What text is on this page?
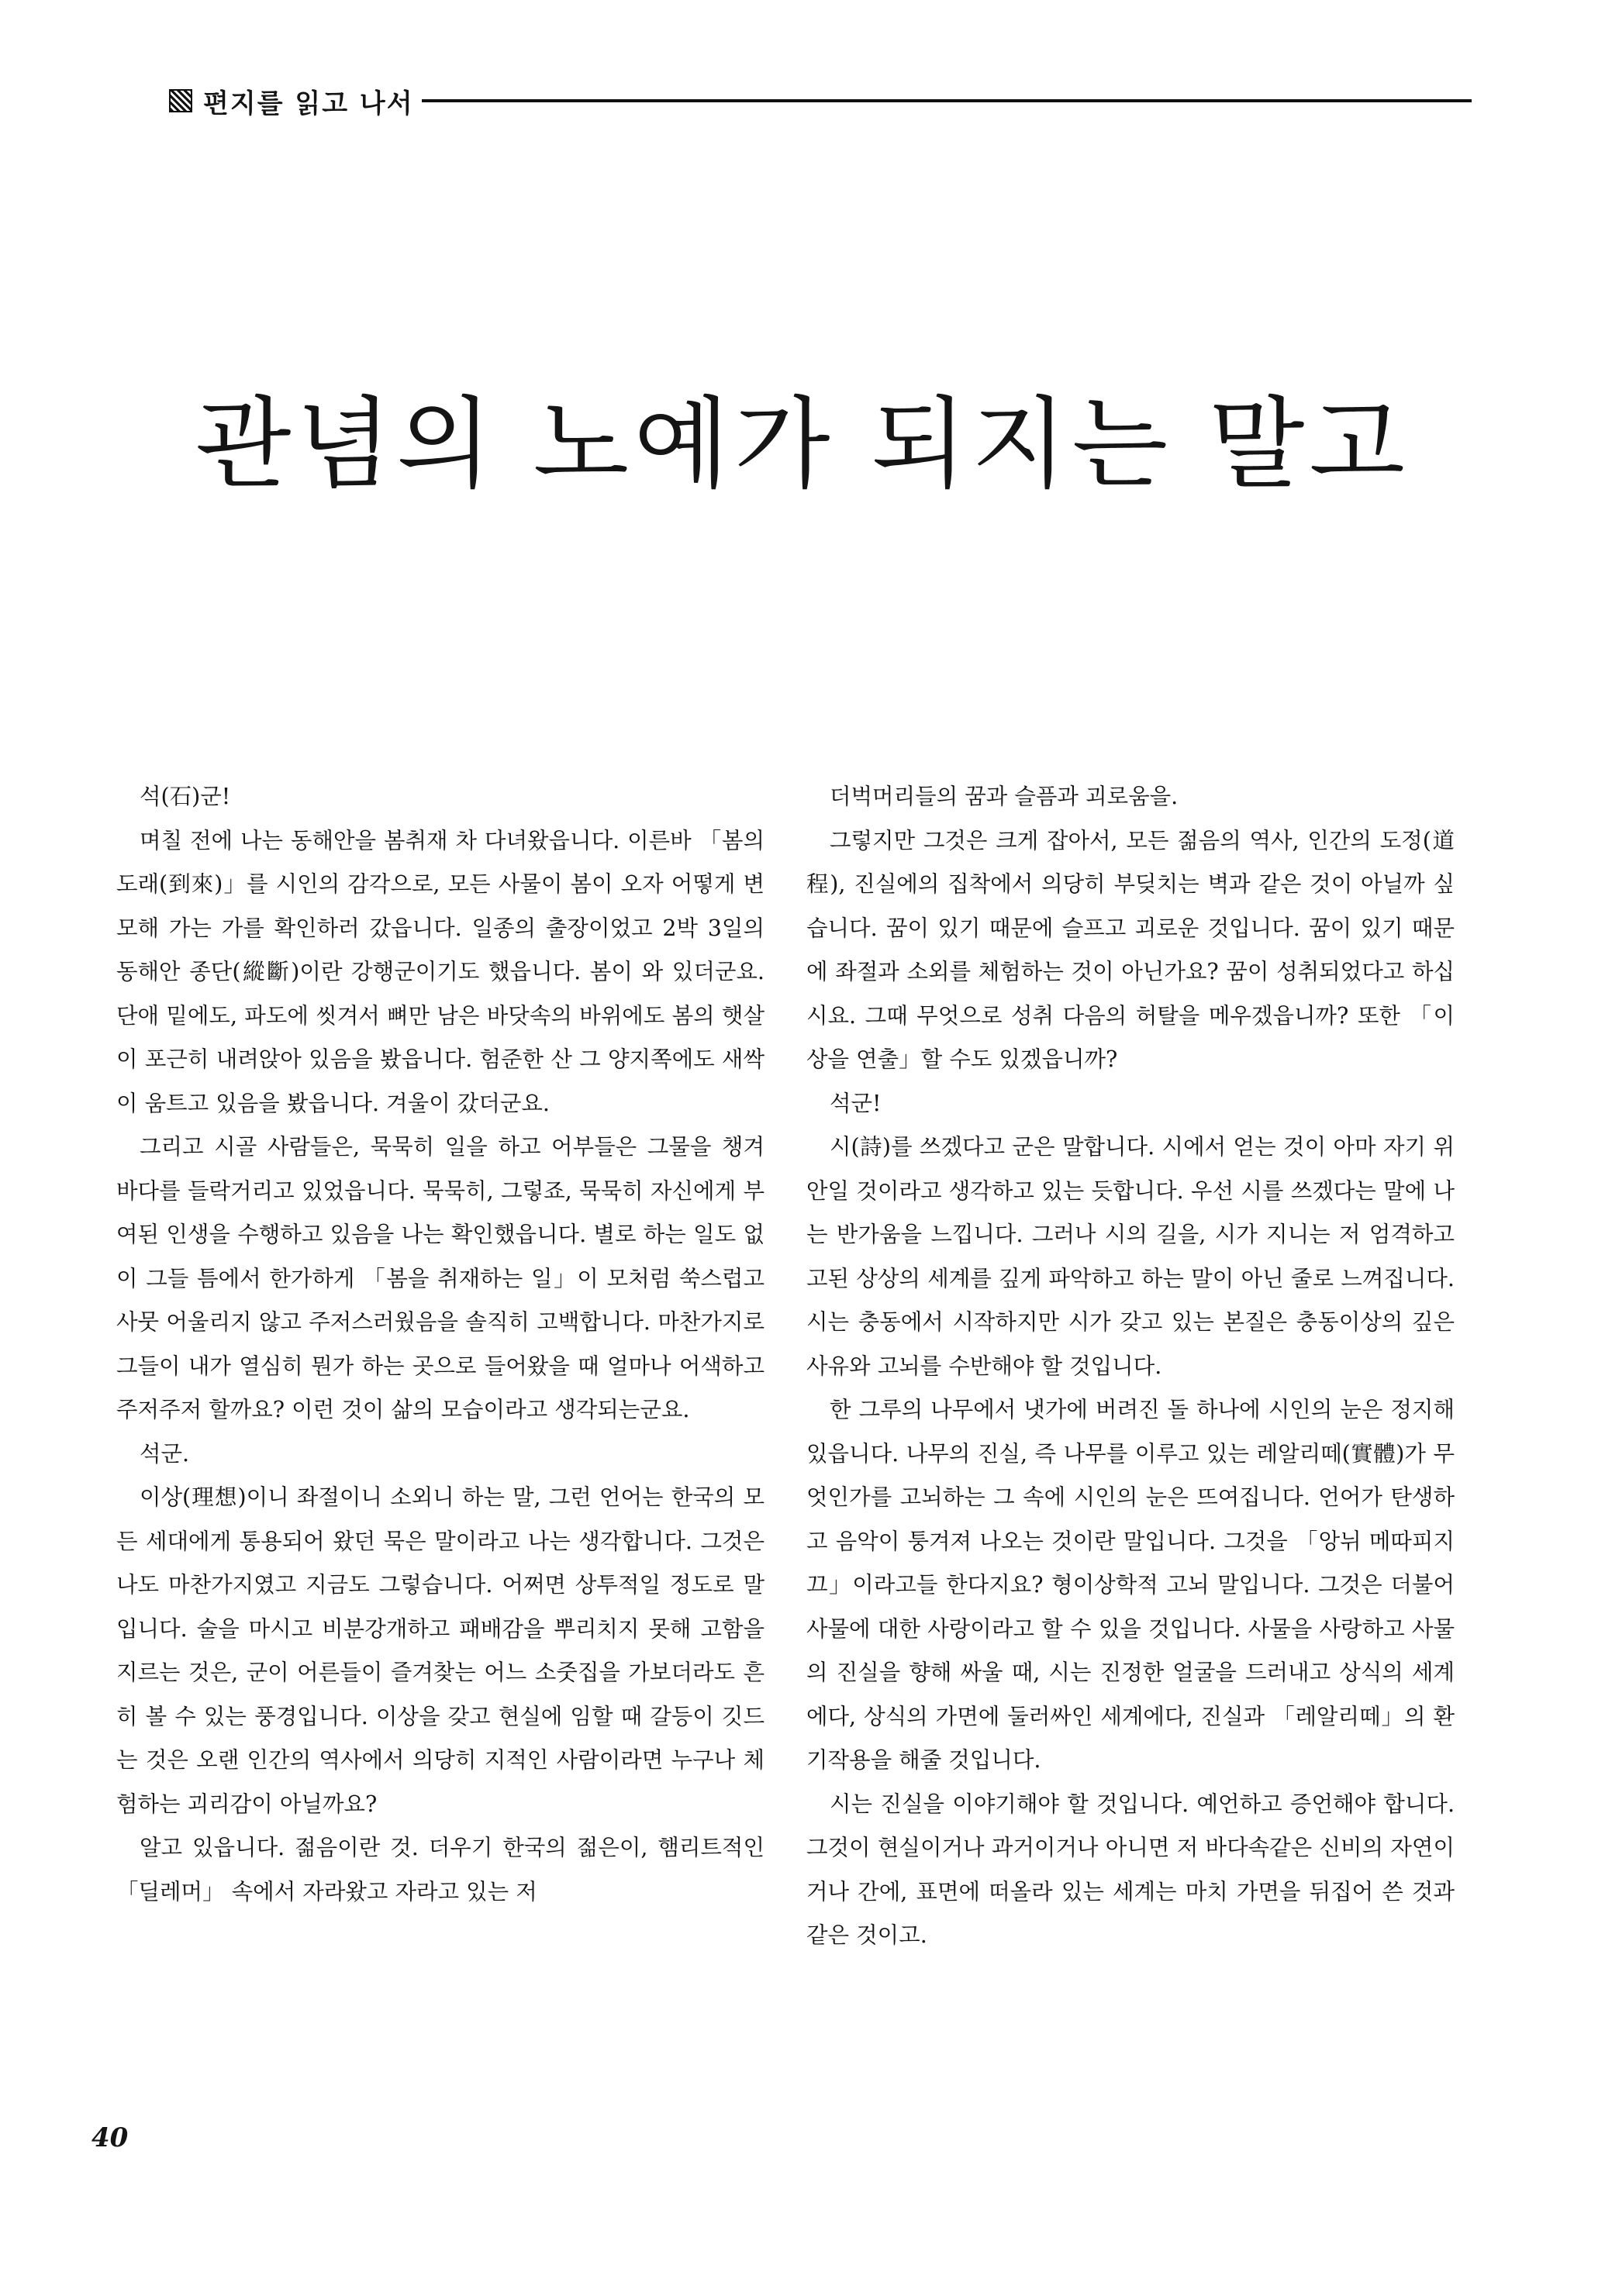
편지를 읽고 나서
관념의 노예가 되지는 말고

석(石)군!

며칠 전에 나는 동해안을 봄취재 차 다녀왔읍니다. 이른바 「봄의 도래(到來)」를 시인의 감각으로, 모든 사물이 봄이 오자 어떻게 변모해 가는 가를 확인하러 갔읍니다. 일종의 출장이었고 2박 3일의 동해안 종단(縱斷)이란 강행군이기도 했읍니다. 봄이 와 있더군요. 단애 밑에도, 파도에 씻겨서 뼈만 남은 바닷속의 바위에도 봄의 햇살이 포근히 내려앉아 있음을 봤읍니다. 험준한 산 그 양지쪽에도 새싹이 움트고 있음을 봤읍니다. 겨울이 갔더군요.

그리고 시골 사람들은, 묵묵히 일을 하고 어부들은 그물을 챙겨 바다를 들락거리고 있었읍니다. 묵묵히, 그렇죠, 묵묵히 자신에게 부여된 인생을 수행하고 있음을 나는 확인했읍니다. 별로 하는 일도 없이 그들 틈에서 한가하게 「봄을 취재하는 일」이 모처럼 쑥스럽고 사뭇 어울리지 않고 주저스러웠음을 솔직히 고백합니다. 마찬가지로 그들이 내가 열심히 뭔가 하는 곳으로 들어왔을 때 얼마나 어색하고 주저주저 할까요? 이런 것이 삶의 모습이라고 생각되는군요.

석군.

이상(理想)이니 좌절이니 소외니 하는 말, 그런 언어는 한국의 모든 세대에게 통용되어 왔던 묵은 말이라고 나는 생각합니다. 그것은 나도 마찬가지였고 지금도 그렇습니다. 어쩌면 상투적일 정도로 말입니다. 술을 마시고 비분강개하고 패배감을 뿌리치지 못해 고함을 지르는 것은, 군이 어른들이 즐겨찾는 어느 소줏집을 가보더라도 흔히 볼 수 있는 풍경입니다. 이상을 갖고 현실에 임할 때 갈등이 깃드는 것은 오랜 인간의 역사에서 의당히 지적인 사람이라면 누구나 체험하는 괴리감이 아닐까요?

알고 있읍니다. 젊음이란 것. 더우기 한국의 젊은이, 햄리트적인 「딜레머」 속에서 자라왔고 자라고 있는 저

더벅머리들의 꿈과 슬픔과 괴로움을.

그렇지만 그것은 크게 잡아서, 모든 젊음의 역사, 인간의 도정(道程), 진실에의 집착에서 의당히 부딪치는 벽과 같은 것이 아닐까 싶습니다. 꿈이 있기 때문에 슬프고 괴로운 것입니다. 꿈이 있기 때문에 좌절과 소외를 체험하는 것이 아닌가요? 꿈이 성취되었다고 하십시요. 그때 무엇으로 성취 다음의 허탈을 메우겠읍니까? 또한 「이상을 연출」할 수도 있겠읍니까?

석군!

시(詩)를 쓰겠다고 군은 말합니다. 시에서 얻는 것이 아마 자기 위안일 것이라고 생각하고 있는 듯합니다. 우선 시를 쓰겠다는 말에 나는 반가움을 느낍니다. 그러나 시의 길을, 시가 지니는 저 엄격하고 고된 상상의 세계를 깊게 파악하고 하는 말이 아닌 줄로 느껴집니다. 시는 충동에서 시작하지만 시가 갖고 있는 본질은 충동이상의 깊은 사유와 고뇌를 수반해야 할 것입니다.

한 그루의 나무에서 냇가에 버려진 돌 하나에 시인의 눈은 정지해 있읍니다. 나무의 진실, 즉 나무를 이루고 있는 레알리떼(實體)가 무엇인가를 고뇌하는 그 속에 시인의 눈은 뜨여집니다. 언어가 탄생하고 음악이 퉁겨져 나오는 것이란 말입니다. 그것을 「앙뉘 메따피지끄」이라고들 한다지요? 형이상학적 고뇌 말입니다. 그것은 더불어 사물에 대한 사랑이라고 할 수 있을 것입니다. 사물을 사랑하고 사물의 진실을 향해 싸울 때, 시는 진정한 얼굴을 드러내고 상식의 세계에다, 상식의 가면에 둘러싸인 세계에다, 진실과 「레알리떼」의 환기작용을 해줄 것입니다.

시는 진실을 이야기해야 할 것입니다. 예언하고 증언해야 합니다. 그것이 현실이거나 과거이거나 아니면 저 바다속같은 신비의 자연이거나 간에, 표면에 떠올라 있는 세계는 마치 가면을 뒤집어 쓴 것과 같은 것이고.

40
